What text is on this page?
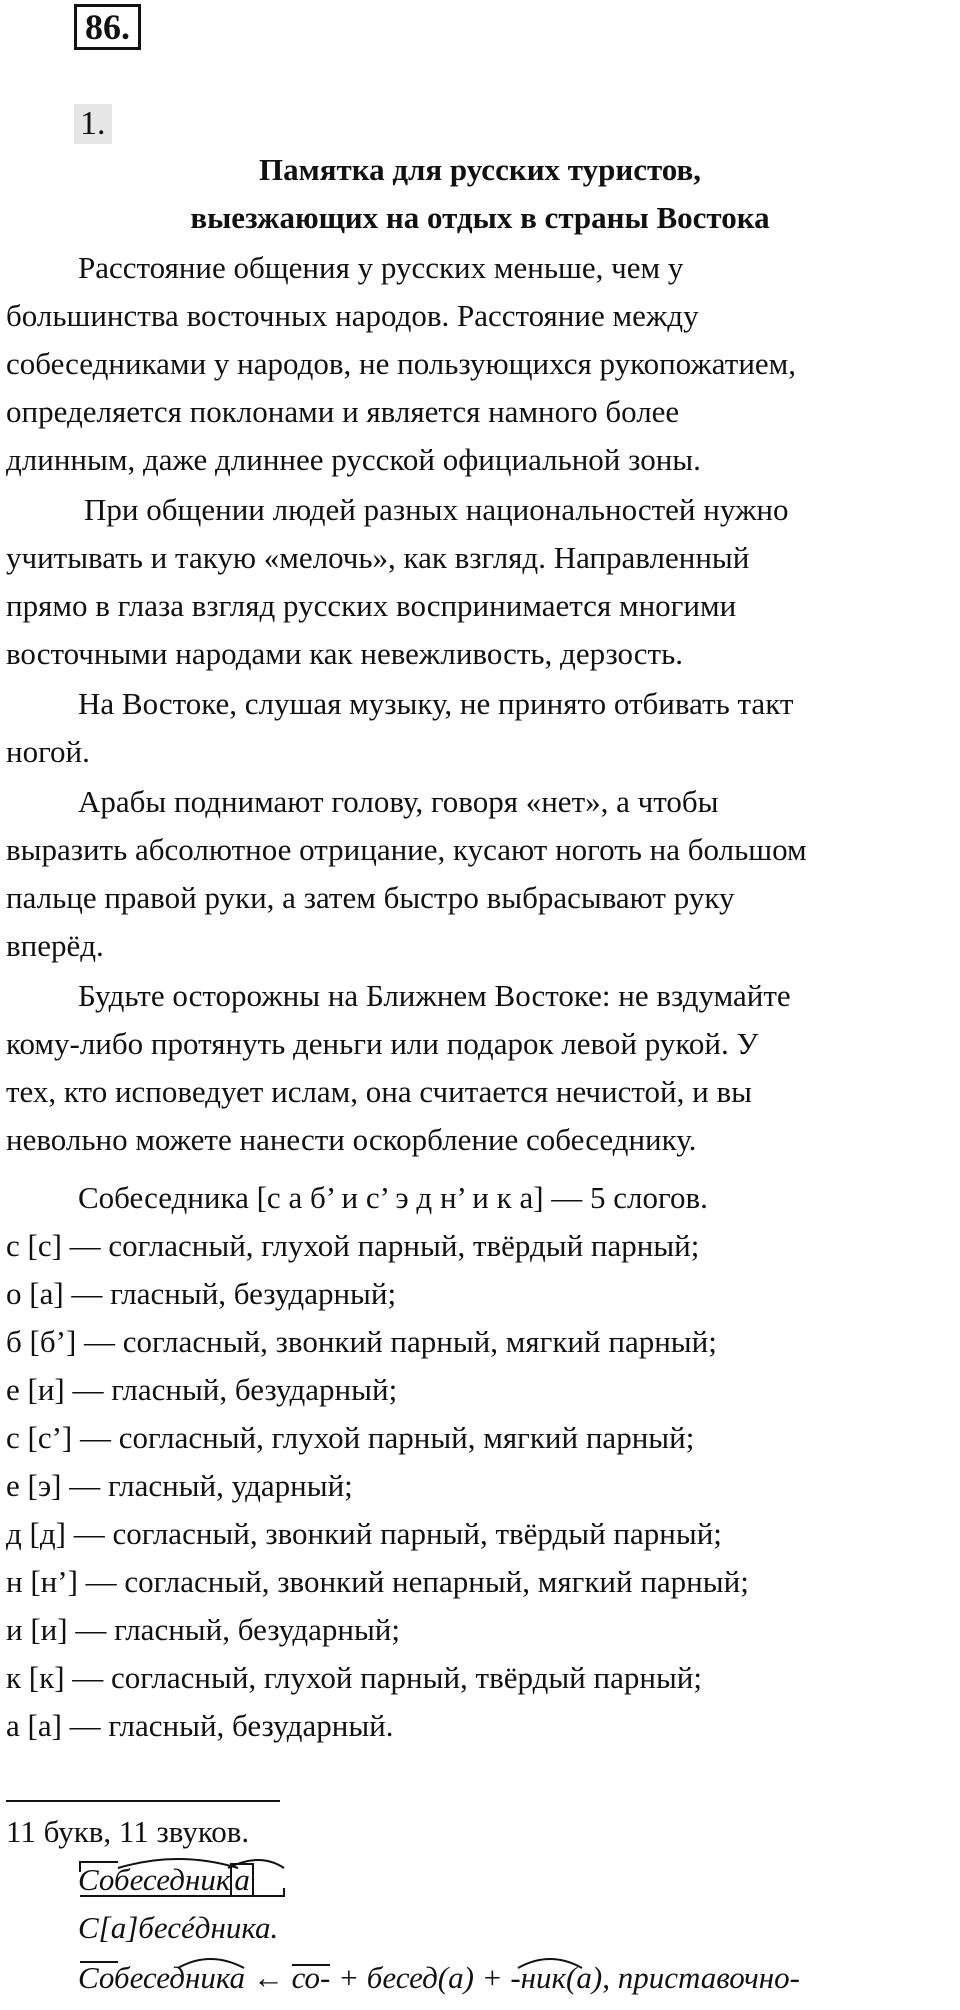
86.
1.
Памятка для русских туристов,
выезжающих на отдых в страны Востока
Расстояние общения у русских меньше, чем у
большинства восточных народов. Расстояние между
собеседниками у народов, не пользующихся рукопожатием,
определяется поклонами и является намного более
длинным, даже длиннее русской официальной зоны.
При общении людей разных национальностей нужно
учитывать и такую «мелочь», как взгляд. Направленный
прямо в глаза взгляд русских воспринимается многими
восточными народами как невежливость, дерзость.
На Востоке, слушая музыку, не принято отбивать такт
ногой.
Арабы поднимают голову, говоря «нет», а чтобы
выразить абсолютное отрицание, кусают ноготь на большом
пальце правой руки, а затем быстро выбрасывают руку
вперёд.
Будьте осторожны на Ближнем Востоке: не вздумайте
кому-либо протянуть деньги или подарок левой рукой. У
тех, кто исповедует ислам, она считается нечистой, и вы
невольно можете нанести оскорбление собеседнику.
Собеседника [с а б’ и с’ э д н’ и к а] — 5 слогов.
с [с] — согласный, глухой парный, твёрдый парный;
о [а] — гласный, безударный;
б [б’] — согласный, звонкий парный, мягкий парный;
е [и] — гласный, безударный;
с [с’] — согласный, глухой парный, мягкий парный;
е [э] — гласный, ударный;
д [д] — согласный, звонкий парный, твёрдый парный;
н [н’] — согласный, звонкий непарный, мягкий парный;
и [и] — гласный, безударный;
к [к] — согласный, глухой парный, твёрдый парный;
а [а] — гласный, безударный.
11 букв, 11 звуков.
Собеседник а
С[а]бесéдника.
Собеседника
← со-
+ бесед(а) + -ник(а)
, приставочно-
